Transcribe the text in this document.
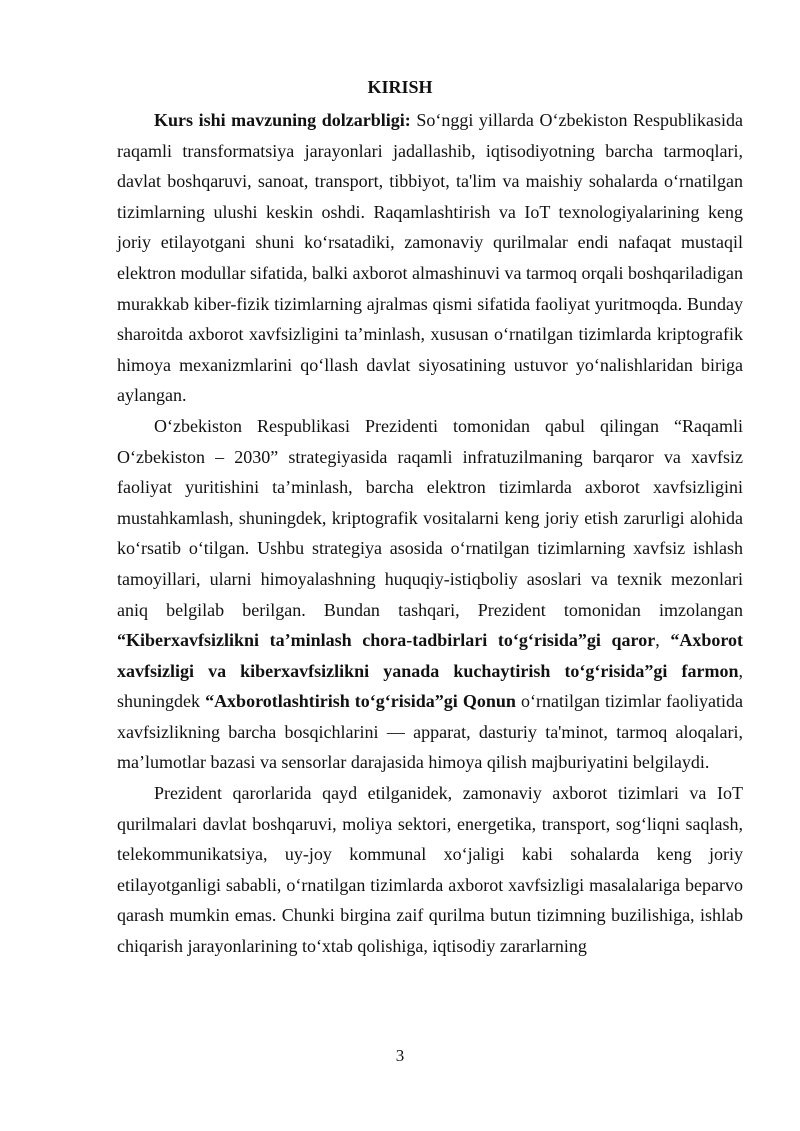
KIRISH

Kurs ishi mavzuning dolzarbligi: So‘nggi yillarda O‘zbekiston Respublikasida raqamli transformatsiya jarayonlari jadallashib, iqtisodiyotning barcha tarmoqlari, davlat boshqaruvi, sanoat, transport, tibbiyot, ta'lim va maishiy sohalarda o‘rnatilgan tizimlarning ulushi keskin oshdi. Raqamlashtirish va IoT texnologiyalarining keng joriy etilayotgani shuni ko‘rsatadiki, zamonaviy qurilmalar endi nafaqat mustaqil elektron modullar sifatida, balki axborot almashinuvi va tarmoq orqali boshqariladigan murakkab kiber-fizik tizimlarning ajralmas qismi sifatida faoliyat yuritmoqda. Bunday sharoitda axborot xavfsizligini ta’minlash, xususan o‘rnatilgan tizimlarda kriptografik himoya mexanizmlarini qo‘llash davlat siyosatining ustuvor yo‘nalishlaridan biriga aylangan.

O‘zbekiston Respublikasi Prezidenti tomonidan qabul qilingan “Raqamli O‘zbekiston – 2030” strategiyasida raqamli infratuzilmaning barqaror va xavfsiz faoliyat yuritishini ta’minlash, barcha elektron tizimlarda axborot xavfsizligini mustahkamlash, shuningdek, kriptografik vositalarni keng joriy etish zarurligi alohida ko‘rsatib o‘tilgan. Ushbu strategiya asosida o‘rnatilgan tizimlarning xavfsiz ishlash tamoyillari, ularni himoyalashning huquqiy-istiqboliy asoslari va texnik mezonlari aniq belgilab berilgan. Bundan tashqari, Prezident tomonidan imzolangan “Kiberxavfsizlikni ta’minlash chora-tadbirlari to‘g‘risida”gi qaror, “Axborot xavfsizligi va kiberxavfsizlikni yanada kuchaytirish to‘g‘risida”gi farmon, shuningdek “Axborotlashtirish to‘g‘risida”gi Qonun o‘rnatilgan tizimlar faoliyatida xavfsizlikning barcha bosqichlarini — apparat, dasturiy ta'minot, tarmoq aloqalari, ma’lumotlar bazasi va sensorlar darajasida himoya qilish majburiyatini belgilaydi.

Prezident qarorlarida qayd etilganidek, zamonaviy axborot tizimlari va IoT qurilmalari davlat boshqaruvi, moliya sektori, energetika, transport, sog‘liqni saqlash, telekommunikatsiya, uy-joy kommunal xo‘jaligi kabi sohalarda keng joriy etilayotganligi sababli, o‘rnatilgan tizimlarda axborot xavfsizligi masalalariga beparvo qarash mumkin emas. Chunki birgina zaif qurilma butun tizimning buzilishiga, ishlab chiqarish jarayonlarining to‘xtab qolishiga, iqtisodiy zararlarning

3
